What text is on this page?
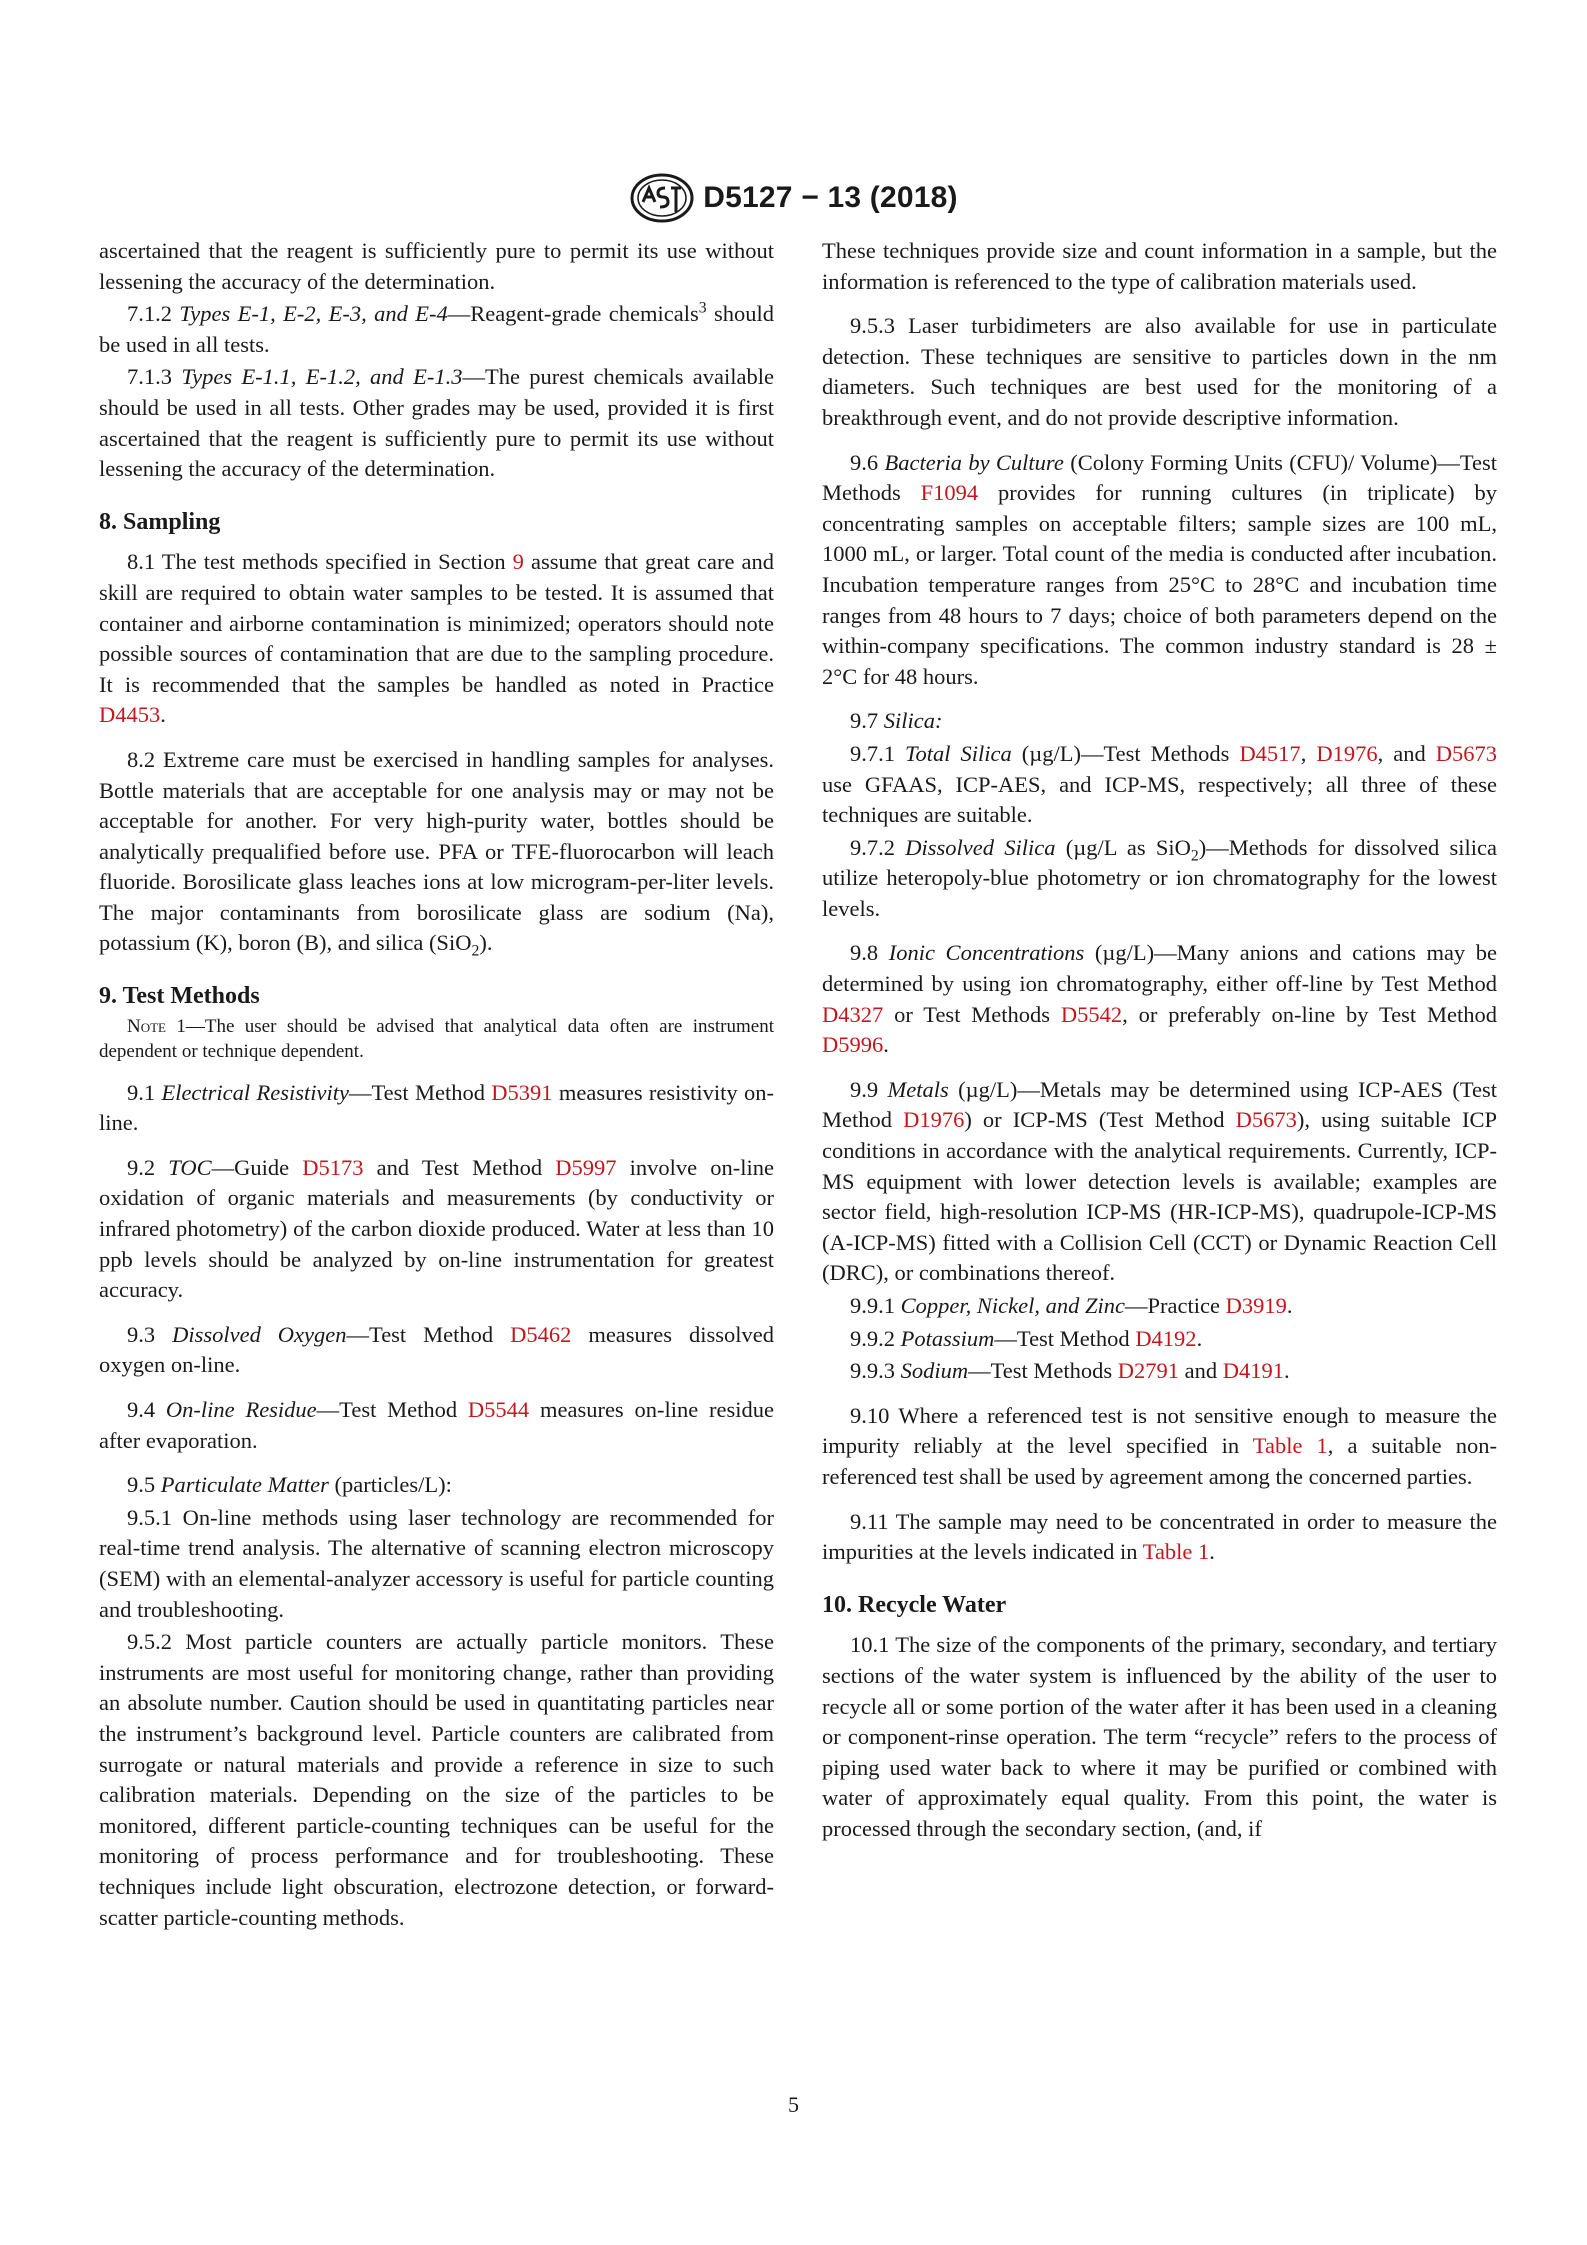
D5127 − 13 (2018)

ascertained that the reagent is sufficiently pure to permit its use without lessening the accuracy of the determination.

7.1.2 Types E-1, E-2, E-3, and E-4—Reagent-grade chemicals$^3$ should be used in all tests.

7.1.3 Types E-1.1, E-1.2, and E-1.3—The purest chemicals available should be used in all tests. Other grades may be used, provided it is first ascertained that the reagent is sufficiently pure to permit its use without lessening the accuracy of the determination.

8. Sampling

8.1 The test methods specified in Section 9 assume that great care and skill are required to obtain water samples to be tested. It is assumed that container and airborne contamination is minimized; operators should note possible sources of contamination that are due to the sampling procedure. It is recommended that the samples be handled as noted in Practice D4453.

8.2 Extreme care must be exercised in handling samples for analyses. Bottle materials that are acceptable for one analysis may or may not be acceptable for another. For very high-purity water, bottles should be analytically prequalified before use. PFA or TFE-fluorocarbon will leach fluoride. Borosilicate glass leaches ions at low microgram-per-liter levels. The major contaminants from borosilicate glass are sodium (Na), potassium (K), boron (B), and silica (SiO$_2$).

9. Test Methods

Note 1—The user should be advised that analytical data often are instrument dependent or technique dependent.

9.1 Electrical Resistivity—Test Method D5391 measures resistivity on-line.

9.2 TOC—Guide D5173 and Test Method D5997 involve on-line oxidation of organic materials and measurements (by conductivity or infrared photometry) of the carbon dioxide produced. Water at less than 10 ppb levels should be analyzed by on-line instrumentation for greatest accuracy.

9.3 Dissolved Oxygen—Test Method D5462 measures dissolved oxygen on-line.

9.4 On-line Residue—Test Method D5544 measures on-line residue after evaporation.

9.5 Particulate Matter (particles/L):

9.5.1 On-line methods using laser technology are recommended for real-time trend analysis. The alternative of scanning electron microscopy (SEM) with an elemental-analyzer accessory is useful for particle counting and troubleshooting.

9.5.2 Most particle counters are actually particle monitors. These instruments are most useful for monitoring change, rather than providing an absolute number. Caution should be used in quantitating particles near the instrument’s background level. Particle counters are calibrated from surrogate or natural materials and provide a reference in size to such calibration materials. Depending on the size of the particles to be monitored, different particle-counting techniques can be useful for the monitoring of process performance and for troubleshooting. These techniques include light obscuration, electrozone detection, or forward-scatter particle-counting methods.

These techniques provide size and count information in a sample, but the information is referenced to the type of calibration materials used.

9.5.3 Laser turbidimeters are also available for use in particulate detection. These techniques are sensitive to particles down in the nm diameters. Such techniques are best used for the monitoring of a breakthrough event, and do not provide descriptive information.

9.6 Bacteria by Culture (Colony Forming Units (CFU)/ Volume)—Test Methods F1094 provides for running cultures (in triplicate) by concentrating samples on acceptable filters; sample sizes are 100 mL, 1000 mL, or larger. Total count of the media is conducted after incubation. Incubation temperature ranges from 25°C to 28°C and incubation time ranges from 48 hours to 7 days; choice of both parameters depend on the within-company specifications. The common industry standard is 28 ± 2°C for 48 hours.

9.7 Silica:

9.7.1 Total Silica (µg/L)—Test Methods D4517, D1976, and D5673 use GFAAS, ICP-AES, and ICP-MS, respectively; all three of these techniques are suitable.

9.7.2 Dissolved Silica (µg/L as SiO$_2$)—Methods for dissolved silica utilize heteropoly-blue photometry or ion chromatography for the lowest levels.

9.8 Ionic Concentrations (µg/L)—Many anions and cations may be determined by using ion chromatography, either off-line by Test Method D4327 or Test Methods D5542, or preferably on-line by Test Method D5996.

9.9 Metals (µg/L)—Metals may be determined using ICP-AES (Test Method D1976) or ICP-MS (Test Method D5673), using suitable ICP conditions in accordance with the analytical requirements. Currently, ICP-MS equipment with lower detection levels is available; examples are sector field, high-resolution ICP-MS (HR-ICP-MS), quadrupole-ICP-MS (A-ICP-MS) fitted with a Collision Cell (CCT) or Dynamic Reaction Cell (DRC), or combinations thereof.

9.9.1 Copper, Nickel, and Zinc—Practice D3919.

9.9.2 Potassium—Test Method D4192.

9.9.3 Sodium—Test Methods D2791 and D4191.

9.10 Where a referenced test is not sensitive enough to measure the impurity reliably at the level specified in Table 1, a suitable non-referenced test shall be used by agreement among the concerned parties.

9.11 The sample may need to be concentrated in order to measure the impurities at the levels indicated in Table 1.

10. Recycle Water

10.1 The size of the components of the primary, secondary, and tertiary sections of the water system is influenced by the ability of the user to recycle all or some portion of the water after it has been used in a cleaning or component-rinse operation. The term “recycle” refers to the process of piping used water back to where it may be purified or combined with water of approximately equal quality. From this point, the water is processed through the secondary section, (and, if

5
